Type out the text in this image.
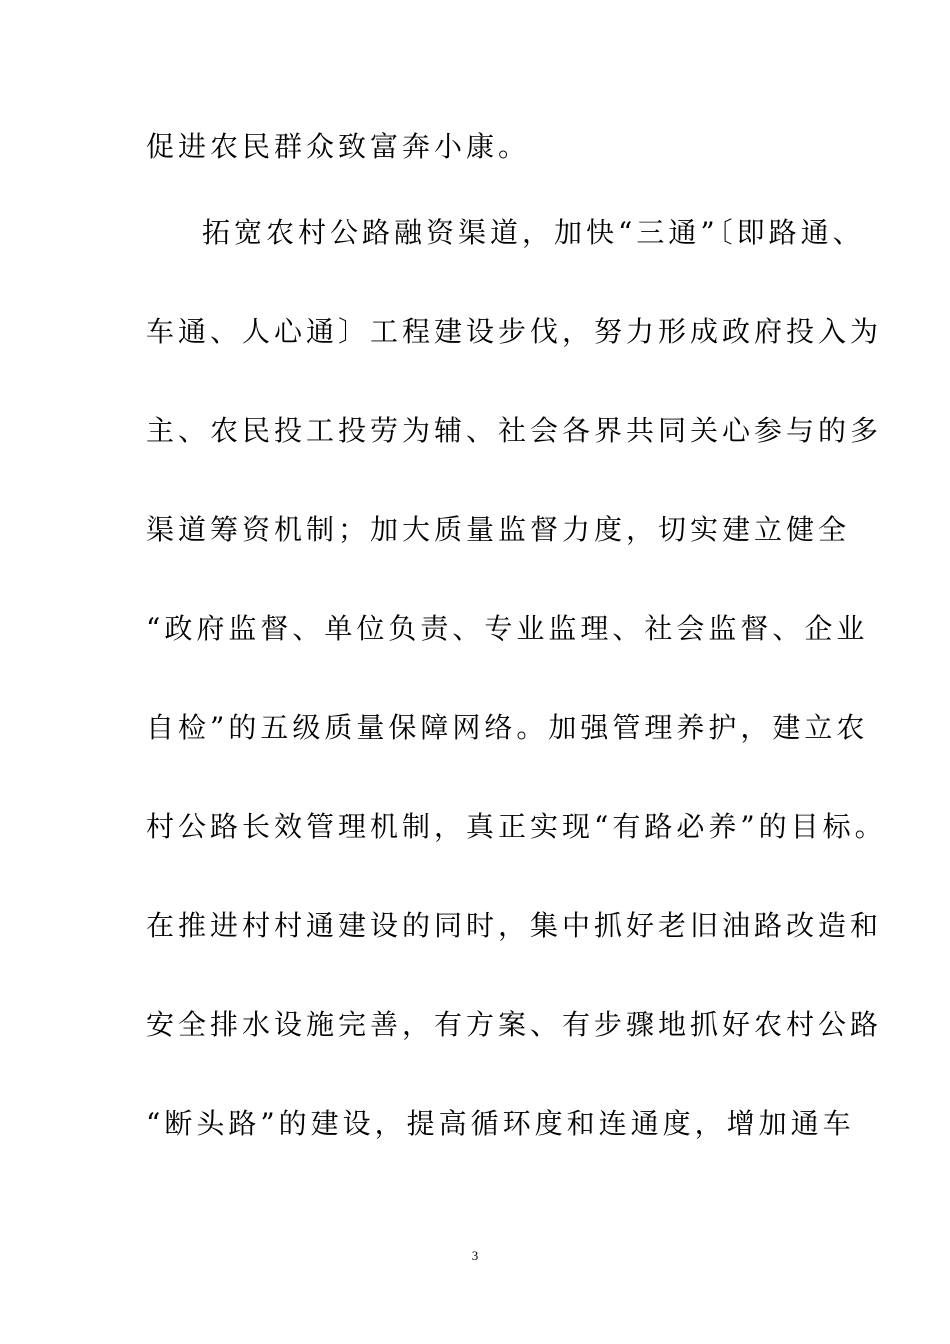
促进农民群众致富奔小康。
拓宽农村公路融资渠道，加快“三通”〔即路通、
车通、人心通〕工程建设步伐，努力形成政府投入为
主、农民投工投劳为辅、社会各界共同关心参与的多
渠道筹资机制；加大质量监督力度，切实建立健全
“政府监督、单位负责、专业监理、社会监督、企业
自检”的五级质量保障网络。加强管理养护，建立农
村公路长效管理机制，真正实现“有路必养”的目标。
在推进村村通建设的同时，集中抓好老旧油路改造和
安全排水设施完善，有方案、有步骤地抓好农村公路
“断头路”的建设，提高循环度和连通度，增加通车
3
